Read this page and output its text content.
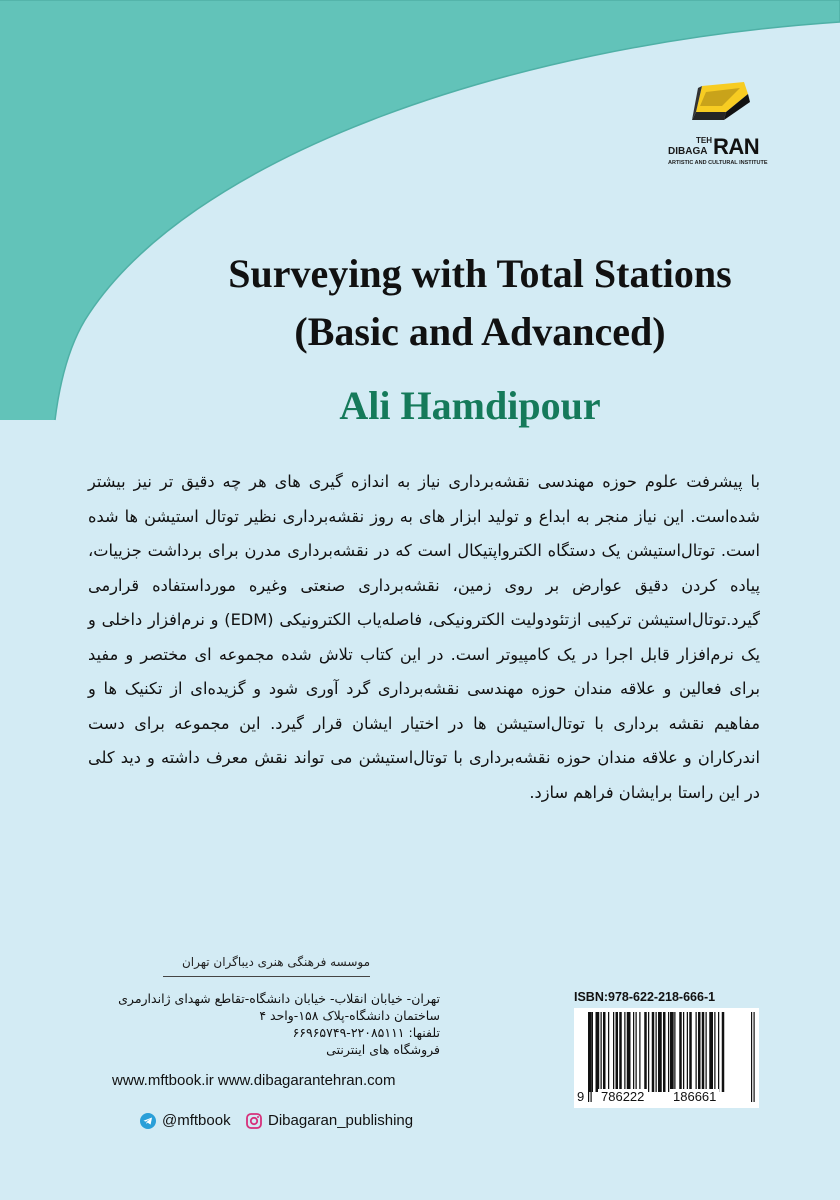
TEH
DIBAGA RAN
ARTISTIC AND CULTURAL INSTITUTE
Surveying with Total Stations
(Basic and Advanced)
Ali Hamdipour
با پیشرفت علوم حوزه مهندسی نقشه‌برداری نیاز به اندازه گیری های هر چه دقیق تر نیز بیشتر شده‌است. این نیاز منجر به ابداع و تولید ابزار های به روز نقشه‌برداری نظیر توتال استیشن ها شده است. توتال‌استیشن یک دستگاه الکترواپتیکال است که در نقشه‌برداری مدرن برای برداشت جزییات، پیاده کردن دقیق عوارض بر روی زمین، نقشه‌برداری صنعتی وغیره مورداستفاده قرارمی گیرد.توتال‌استیشن ترکیبی ازتئودولیت الکترونیکی، فاصله‌یاب الکترونیکی (EDM) و نرم‌افزار داخلی و یک نرم‌افزار قابل اجرا در یک کامپیوتر است. در این کتاب تلاش شده مجموعه ای مختصر و مفید برای فعالین و علاقه مندان حوزه مهندسی نقشه‌برداری گرد آوری شود و گزیده‌ای از تکنیک ها و مفاهیم نقشه برداری با توتال‌استیشن ها در اختیار ایشان قرار گیرد. این مجموعه برای دست اندرکاران و علاقه مندان حوزه نقشه‌برداری با توتال‌استیشن می تواند نقش معرف داشته و دید کلی در این راستا برایشان فراهم سازد.
موسسه فرهنگی هنری دیباگران تهران
تهران- خیابان انقلاب- خیابان دانشگاه-تقاطع شهدای ژاندارمری
ساختمان دانشگاه-پلاک ۱۵۸-واحد ۴
تلفنها: ۲۲۰۸۵۱۱۱-۶۶۹۶۵۷۴۹
فروشگاه های اینترنتی
www.mftbook.ir www.dibagarantehran.com
@mftbook Dibagaran_publishing
ISBN:978-622-218-666-1
9 786222 186661
